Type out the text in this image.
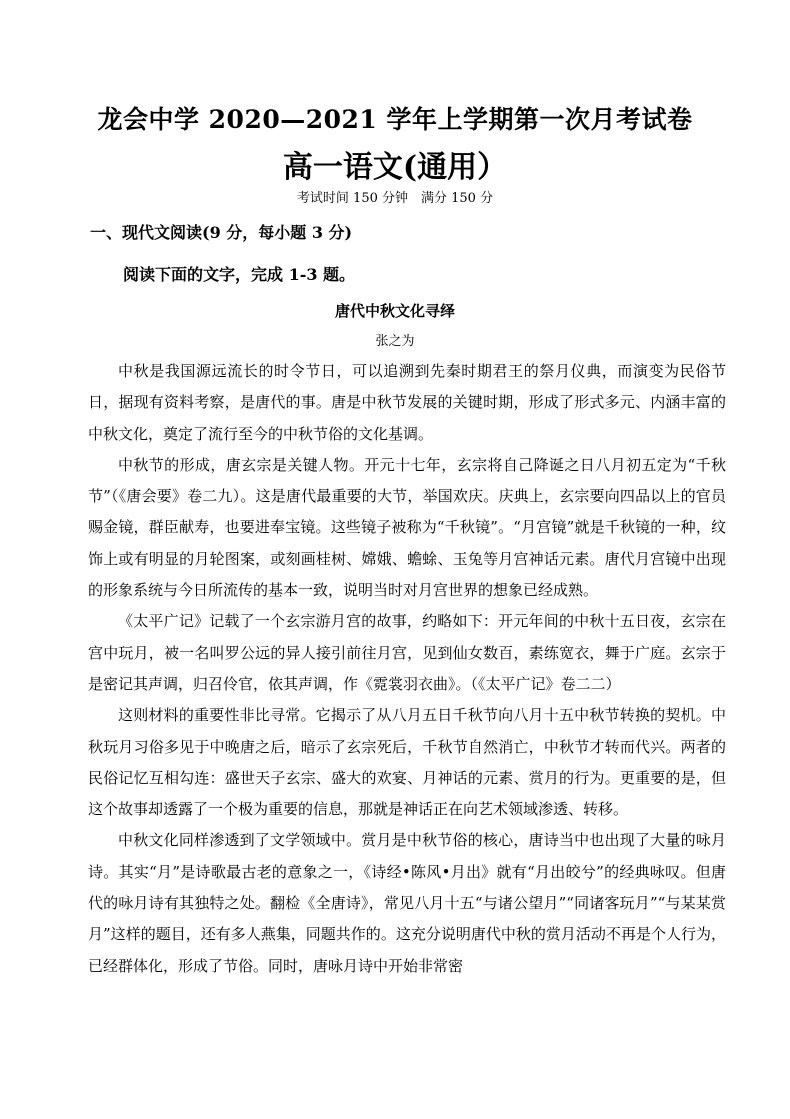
龙会中学 2020—2021 学年上学期第一次月考试卷
高一语文(通用）
考试时间 150 分钟　满分 150 分
一、现代文阅读(9 分，每小题 3 分)
阅读下面的文字，完成 1-3 题。
唐代中秋文化寻绎
张之为

中秋是我国源远流长的时令节日，可以追溯到先秦时期君王的祭月仪典，而演变为民俗节日，据现有资料考察，是唐代的事。唐是中秋节发展的关键时期，形成了形式多元、内涵丰富的中秋文化，奠定了流行至今的中秋节俗的文化基调。

中秋节的形成，唐玄宗是关键人物。开元十七年，玄宗将自己降诞之日八月初五定为“千秋节”（《唐会要》卷二九）。这是唐代最重要的大节，举国欢庆。庆典上，玄宗要向四品以上的官员赐金镜，群臣献寿，也要进奉宝镜。这些镜子被称为“千秋镜”。“月宫镜”就是千秋镜的一种，纹饰上或有明显的月轮图案，或刻画桂树、嫦娥、蟾蜍、玉兔等月宫神话元素。唐代月宫镜中出现的形象系统与今日所流传的基本一致，说明当时对月宫世界的想象已经成熟。

《太平广记》记载了一个玄宗游月宫的故事，约略如下：开元年间的中秋十五日夜，玄宗在宫中玩月，被一名叫罗公远的异人接引前往月宫，见到仙女数百，素练宽衣，舞于广庭。玄宗于是密记其声调，归召伶官，依其声调，作《霓裳羽衣曲》。（《太平广记》卷二二）

这则材料的重要性非比寻常。它揭示了从八月五日千秋节向八月十五中秋节转换的契机。中秋玩月习俗多见于中晚唐之后，暗示了玄宗死后，千秋节自然消亡，中秋节才转而代兴。两者的民俗记忆互相勾连：盛世天子玄宗、盛大的欢宴、月神话的元素、赏月的行为。更重要的是，但这个故事却透露了一个极为重要的信息，那就是神话正在向艺术领域渗透、转移。

中秋文化同样渗透到了文学领域中。赏月是中秋节俗的核心，唐诗当中也出现了大量的咏月诗。其实“月”是诗歌最古老的意象之一，《诗经•陈风•月出》就有“月出皎兮”的经典咏叹。但唐代的咏月诗有其独特之处。翻检《全唐诗》，常见八月十五“与诸公望月”“同诸客玩月”“与某某赏月”这样的题目，还有多人燕集，同题共作的。这充分说明唐代中秋的赏月活动不再是个人行为，已经群体化，形成了节俗。同时，唐咏月诗中开始非常密
